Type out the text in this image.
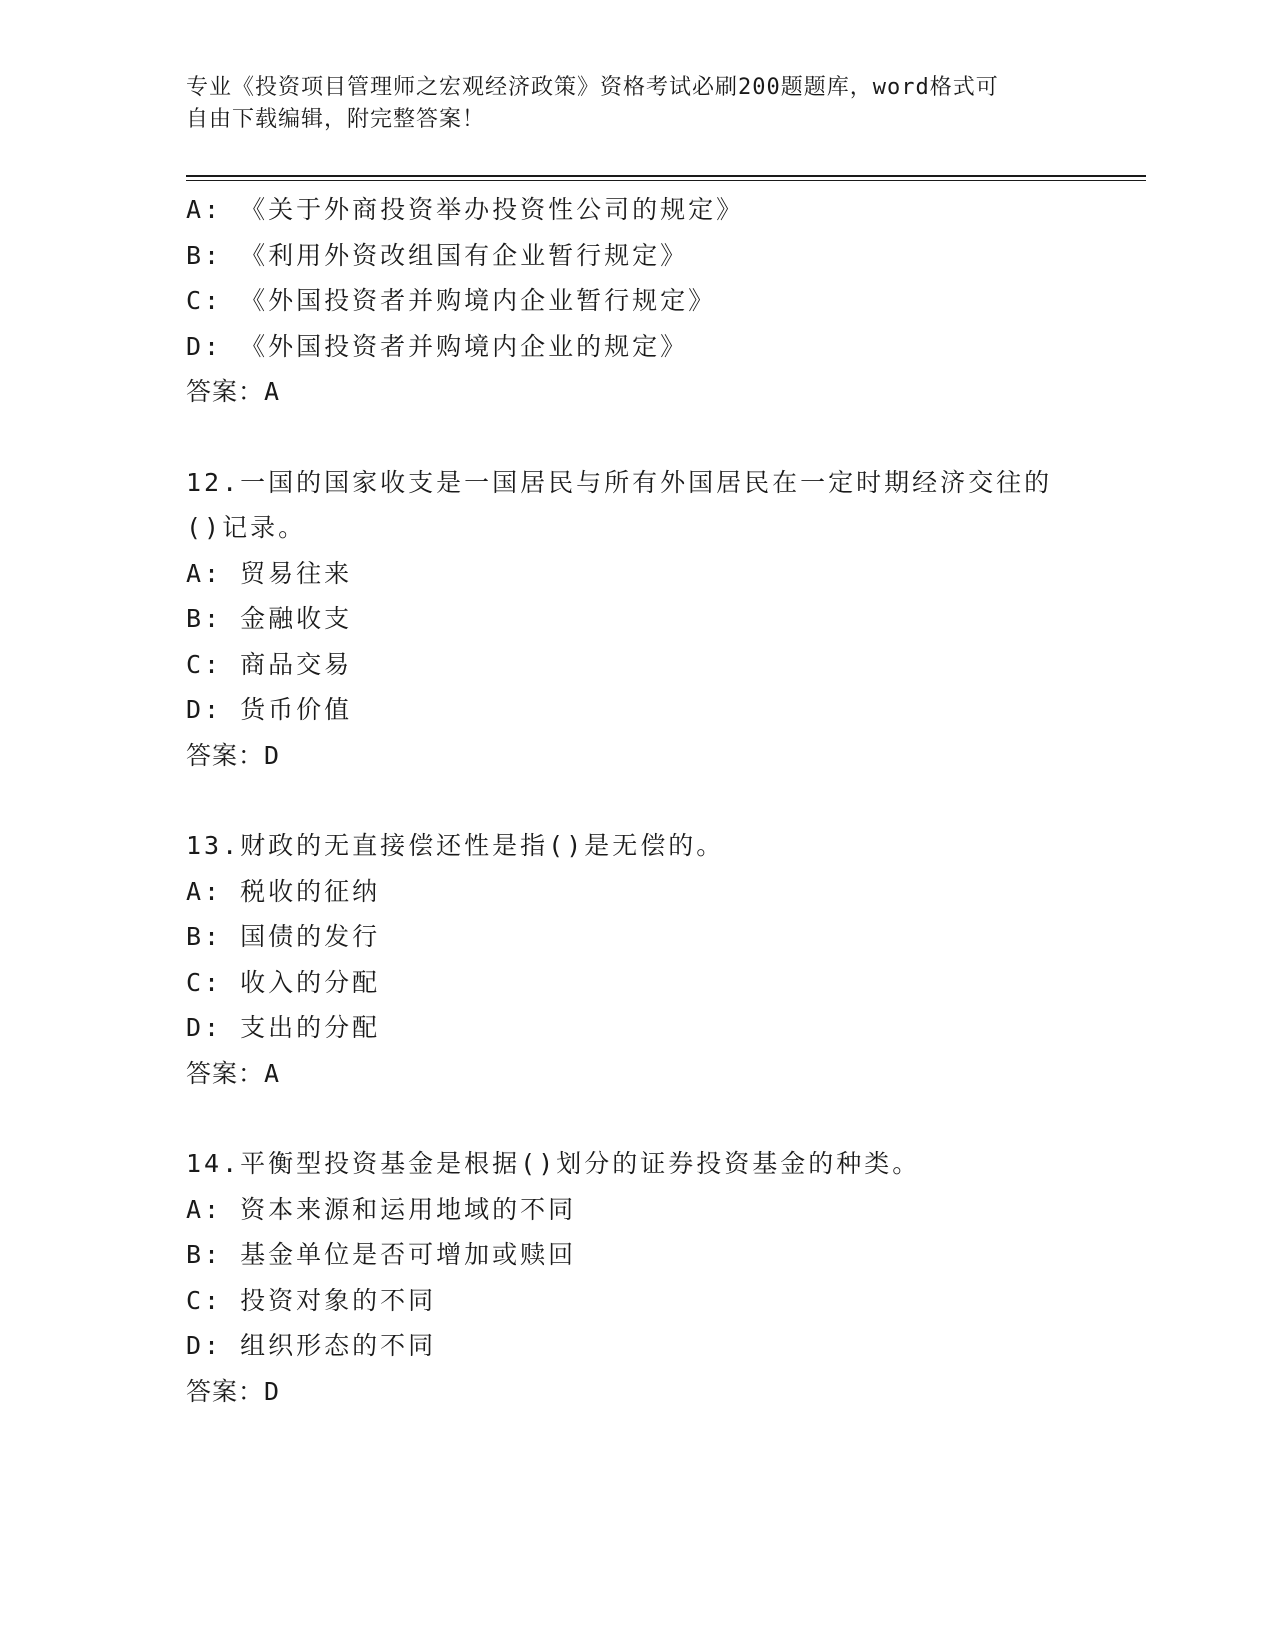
专业《投资项目管理师之宏观经济政策》资格考试必刷200题题库，word格式可
自由下载编辑，附完整答案！
A: 《关于外商投资举办投资性公司的规定》
B: 《利用外资改组国有企业暂行规定》
C: 《外国投资者并购境内企业暂行规定》
D: 《外国投资者并购境内企业的规定》
答案：A
12.一国的国家收支是一国居民与所有外国居民在一定时期经济交往的
()记录。
A: 贸易往来
B: 金融收支
C: 商品交易
D: 货币价值
答案：D
13.财政的无直接偿还性是指()是无偿的。
A: 税收的征纳
B: 国债的发行
C: 收入的分配
D: 支出的分配
答案：A
14.平衡型投资基金是根据()划分的证券投资基金的种类。
A: 资本来源和运用地域的不同
B: 基金单位是否可增加或赎回
C: 投资对象的不同
D: 组织形态的不同
答案：D
